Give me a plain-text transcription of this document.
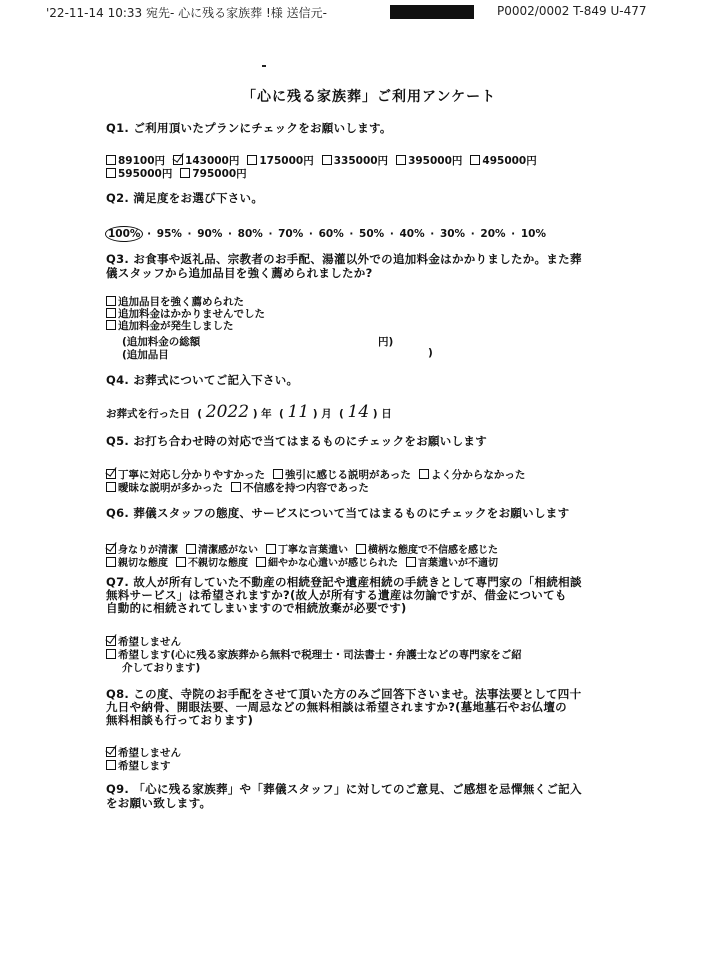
'22-11-14 10:33 宛先- 心に残る家族葬 !様 送信元-	P0002/0002 T-849 U-477
「心に残る家族葬」ご利用アンケート
Q1. ご利用頂いたプランにチェックをお願いします。
89100円 143000円 175000円 335000円 395000円 495000円
595000円 795000円
Q2. 満足度をお選び下さい。
100% · 95% · 90% · 80% · 70% · 60% · 50% · 40% · 30% · 20% · 10%
Q3. お食事や返礼品、宗教者のお手配、湯灌以外での追加料金はかかりましたか。また葬
儀スタッフから追加品目を強く薦められましたか?
追加品目を強く薦められた
追加料金はかかりませんでした
追加料金が発生しました
(追加料金の総額	円)
(追加品目	)
Q4. お葬式についてご記入下さい。
お葬式を行った日  ( 2022 ) 年  ( 11 ) 月  ( 14 ) 日
Q5. お打ち合わせ時の対応で当てはまるものにチェックをお願いします
丁寧に対応し分かりやすかった 強引に感じる説明があった よく分からなかった
曖昧な説明が多かった 不信感を持つ内容であった
Q6. 葬儀スタッフの態度、サービスについて当てはまるものにチェックをお願いします
身なりが清潔 清潔感がない 丁寧な言葉遣い 横柄な態度で不信感を感じた
親切な態度 不親切な態度 細やかな心遣いが感じられた 言葉遣いが不適切
Q7. 故人が所有していた不動産の相続登記や遺産相続の手続きとして専門家の「相続相談
無料サービス」は希望されますか?(故人が所有する遺産は勿論ですが、借金についても
自動的に相続されてしまいますので相続放棄が必要です)
希望しません
希望します(心に残る家族葬から無料で税理士・司法書士・弁護士などの専門家をご紹
介しております)
Q8. この度、寺院のお手配をさせて頂いた方のみご回答下さいませ。法事法要として四十
九日や納骨、開眼法要、一周忌などの無料相談は希望されますか?(墓地墓石やお仏壇の
無料相談も行っております)
希望しません
希望します
Q9. 「心に残る家族葬」や「葬儀スタッフ」に対してのご意見、ご感想を忌憚無くご記入
をお願い致します。
